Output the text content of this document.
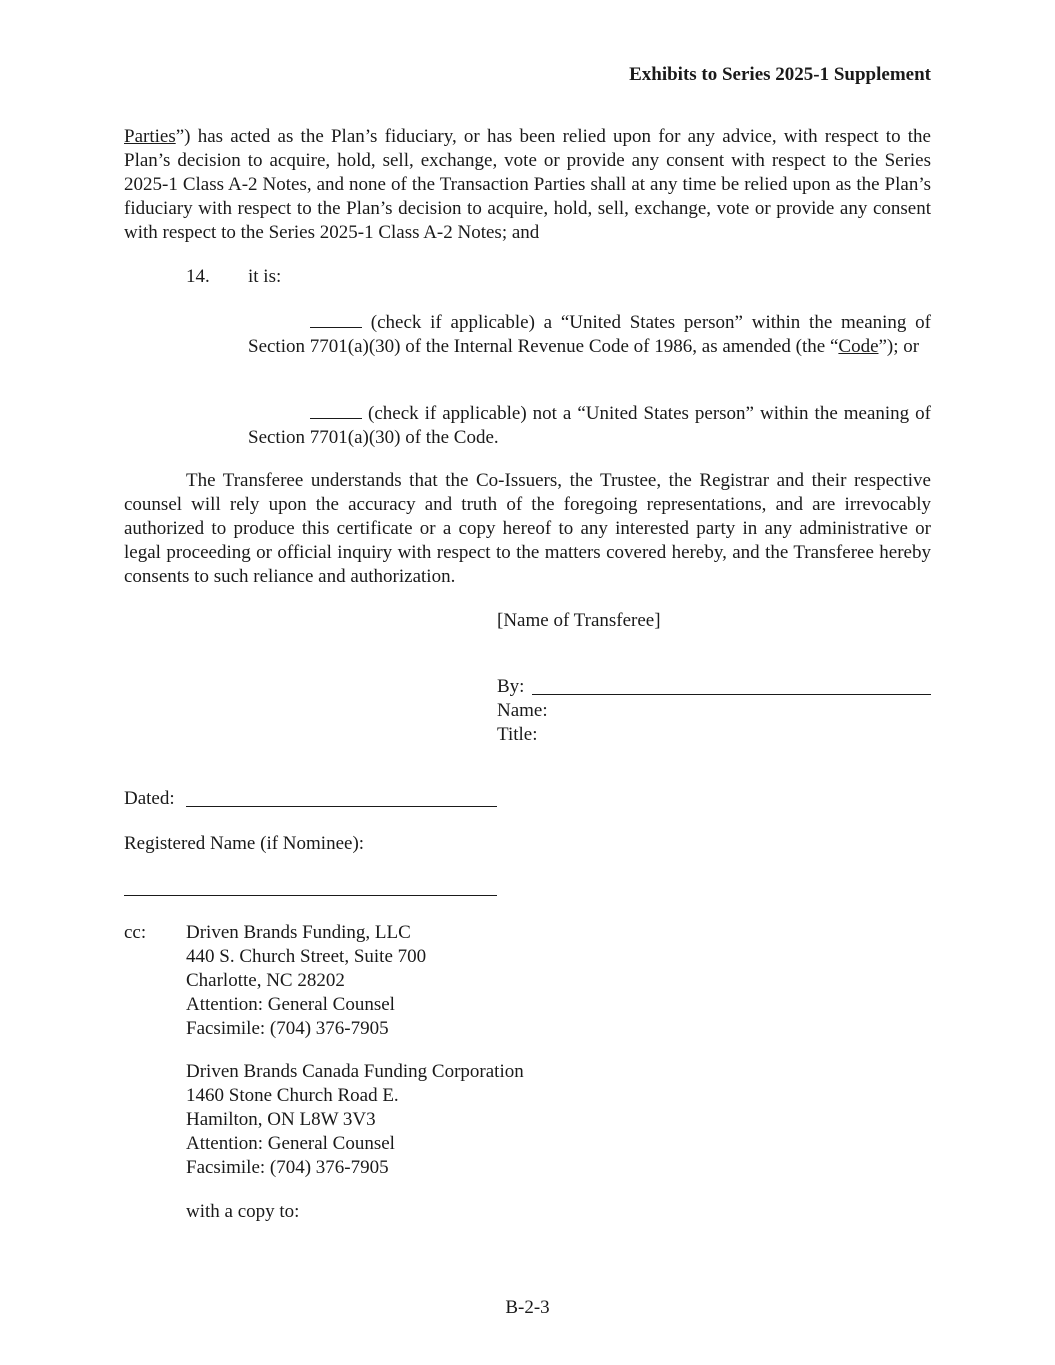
Exhibits to Series 2025-1 Supplement
Parties”) has acted as the Plan’s fiduciary, or has been relied upon for any advice, with respect to the Plan’s decision to acquire, hold, sell, exchange, vote or provide any consent with respect to the Series 2025-1 Class A-2 Notes, and none of the Transaction Parties shall at any time be relied upon as the Plan’s fiduciary with respect to the Plan’s decision to acquire, hold, sell, exchange, vote or provide any consent with respect to the Series 2025-1 Class A-2 Notes; and
14. it is:
(check if applicable) a “United States person” within the meaning of Section 7701(a)(30) of the Internal Revenue Code of 1986, as amended (the “Code”); or
(check if applicable) not a “United States person” within the meaning of Section 7701(a)(30) of the Code.
The Transferee understands that the Co-Issuers, the Trustee, the Registrar and their respective counsel will rely upon the accuracy and truth of the foregoing representations, and are irrevocably authorized to produce this certificate or a copy hereof to any interested party in any administrative or legal proceeding or official inquiry with respect to the matters covered hereby, and the Transferee hereby consents to such reliance and authorization.
[Name of Transferee]
By:
Name:
Title:
Dated:
Registered Name (if Nominee):
cc: Driven Brands Funding, LLC
440 S. Church Street, Suite 700
Charlotte, NC 28202
Attention: General Counsel
Facsimile: (704) 376-7905
Driven Brands Canada Funding Corporation
1460 Stone Church Road E.
Hamilton, ON L8W 3V3
Attention: General Counsel
Facsimile: (704) 376-7905
with a copy to:
B-2-3
